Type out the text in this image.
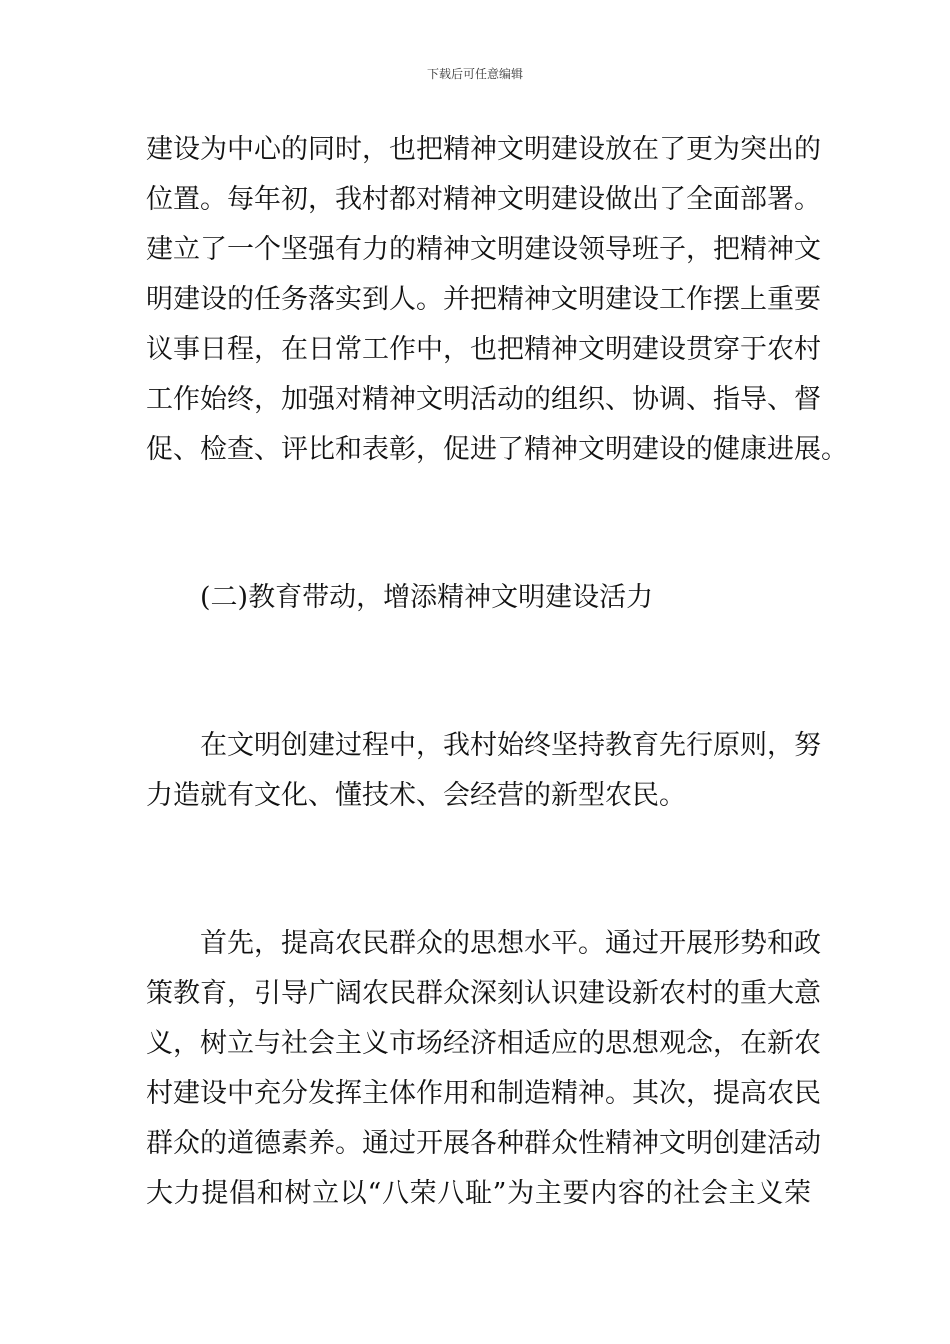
下载后可任意编辑
建设为中心的同时，也把精神文明建设放在了更为突出的
位置。每年初，我村都对精神文明建设做出了全面部署。
建立了一个坚强有力的精神文明建设领导班子，把精神文
明建设的任务落实到人。并把精神文明建设工作摆上重要
议事日程，在日常工作中，也把精神文明建设贯穿于农村
工作始终，加强对精神文明活动的组织、协调、指导、督
促、检查、评比和表彰，促进了精神文明建设的健康进展。
(二)教育带动，增添精神文明建设活力
在文明创建过程中，我村始终坚持教育先行原则，努
力造就有文化、懂技术、会经营的新型农民。
首先，提高农民群众的思想水平。通过开展形势和政
策教育，引导广阔农民群众深刻认识建设新农村的重大意
义，树立与社会主义市场经济相适应的思想观念，在新农
村建设中充分发挥主体作用和制造精神。其次，提高农民
群众的道德素养。通过开展各种群众性精神文明创建活动
大力提倡和树立以“八荣八耻”为主要内容的社会主义荣
